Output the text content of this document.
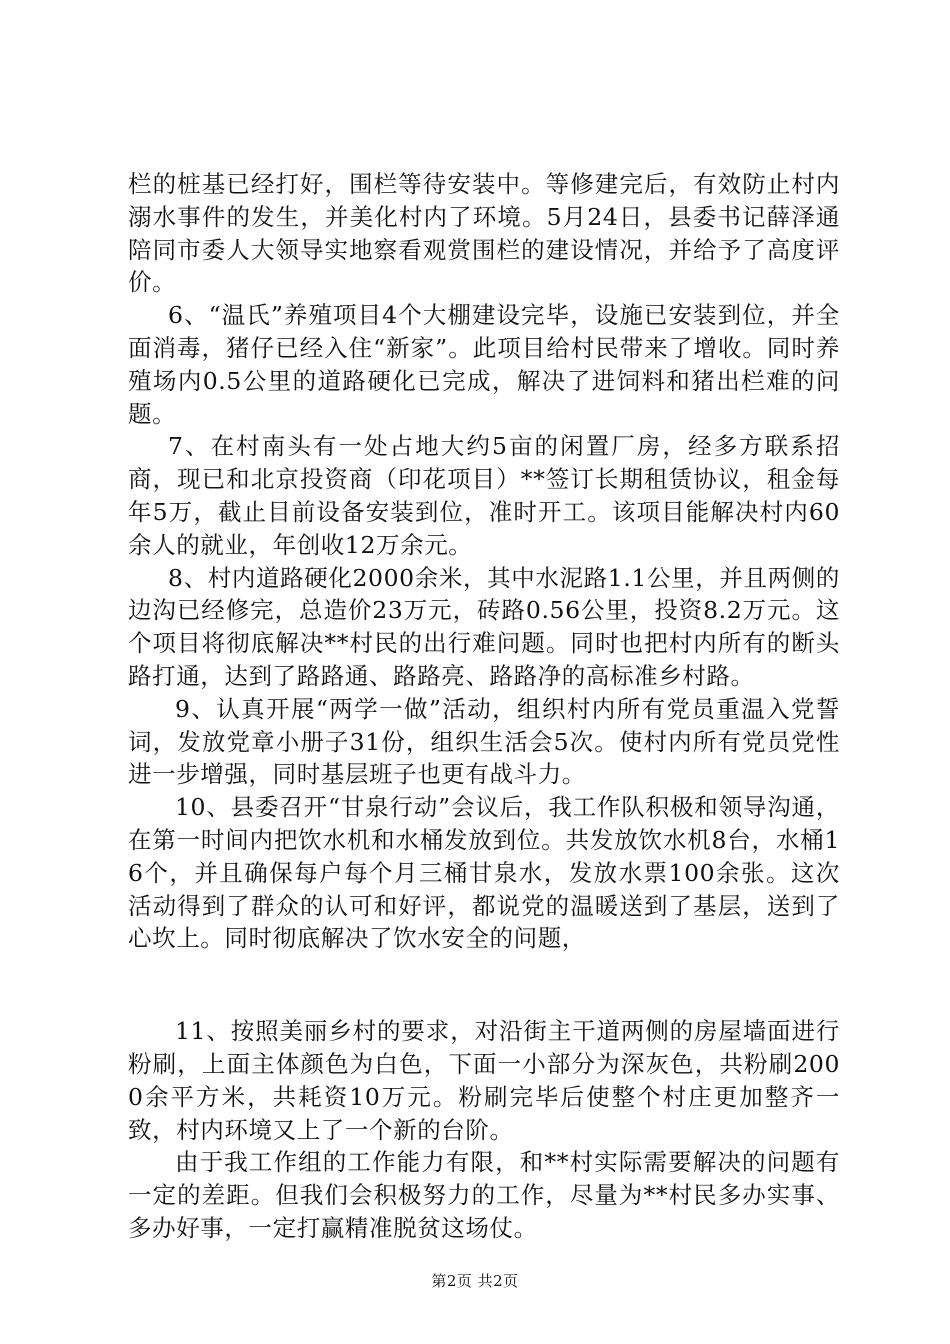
栏的桩基已经打好，围栏等待安装中。等修建完后，有效防止村内溺水事件的发生，并美化村内了环境。5月24日，县委书记薛泽通陪同市委人大领导实地察看观赏围栏的建设情况，并给予了高度评价。

6、“温氏”养殖项目4个大棚建设完毕，设施已安装到位，并全面消毒，猪仔已经入住“新家”。此项目给村民带来了增收。同时养殖场内0.5公里的道路硬化已完成，解决了进饲料和猪出栏难的问题。

7、在村南头有一处占地大约5亩的闲置厂房，经多方联系招商，现已和北京投资商（印花项目）**签订长期租赁协议，租金每年5万，截止目前设备安装到位，准时开工。该项目能解决村内60余人的就业，年创收12万余元。

8、村内道路硬化2000余米，其中水泥路1.1公里，并且两侧的边沟已经修完，总造价23万元，砖路0.56公里，投资8.2万元。这个项目将彻底解决**村民的出行难问题。同时也把村内所有的断头路打通，达到了路路通、路路亮、路路净的高标准乡村路。

9、认真开展“两学一做”活动，组织村内所有党员重温入党誓词，发放党章小册子31份，组织生活会5次。使村内所有党员党性进一步增强，同时基层班子也更有战斗力。

10、县委召开“甘泉行动”会议后，我工作队积极和领导沟通，在第一时间内把饮水机和水桶发放到位。共发放饮水机8台，水桶16个，并且确保每户每个月三桶甘泉水，发放水票100余张。这次活动得到了群众的认可和好评，都说党的温暖送到了基层，送到了心坎上。同时彻底解决了饮水安全的问题，

11、按照美丽乡村的要求，对沿街主干道两侧的房屋墙面进行粉刷，上面主体颜色为白色，下面一小部分为深灰色，共粉刷2000余平方米，共耗资10万元。粉刷完毕后使整个村庄更加整齐一致，村内环境又上了一个新的台阶。

由于我工作组的工作能力有限，和**村实际需要解决的问题有一定的差距。但我们会积极努力的工作，尽量为**村民多办实事、多办好事，一定打赢精准脱贫这场仗。

第2页 共2页
